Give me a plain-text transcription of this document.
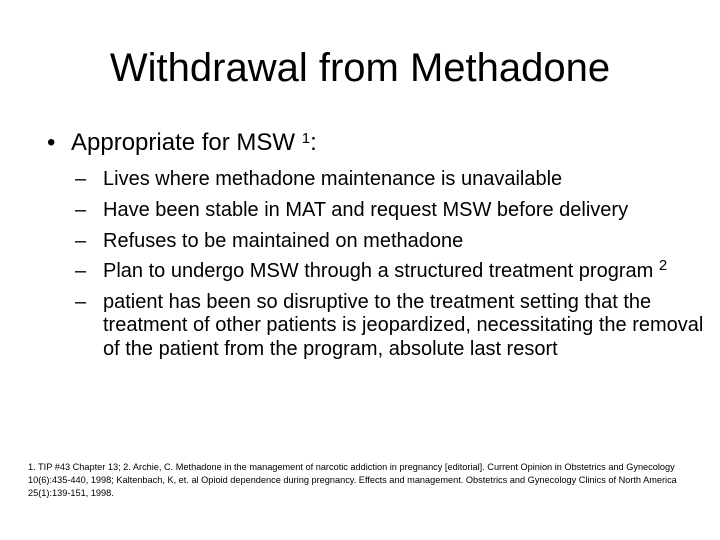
Withdrawal from Methadone
• Appropriate for MSW $^1$:
– Lives where methadone maintenance is unavailable
– Have been stable in MAT and request MSW before delivery
– Refuses to be maintained on methadone
– Plan to undergo MSW through a structured treatment program $^2$
– patient has been so disruptive to the treatment setting that the treatment of other patients is jeopardized, necessitating the removal of the patient from the program, absolute last resort
1. TIP #43 Chapter 13; 2. Archie, C. Methadone in the management of narcotic addiction in pregnancy [editorial]. Current Opinion in Obstetrics and Gynecology 10(6):435-440, 1998; Kaltenbach, K, et. al Opioid dependence during pregnancy. Effects and management. Obstetrics and Gynecology Clinics of North America 25(1):139-151, 1998.
